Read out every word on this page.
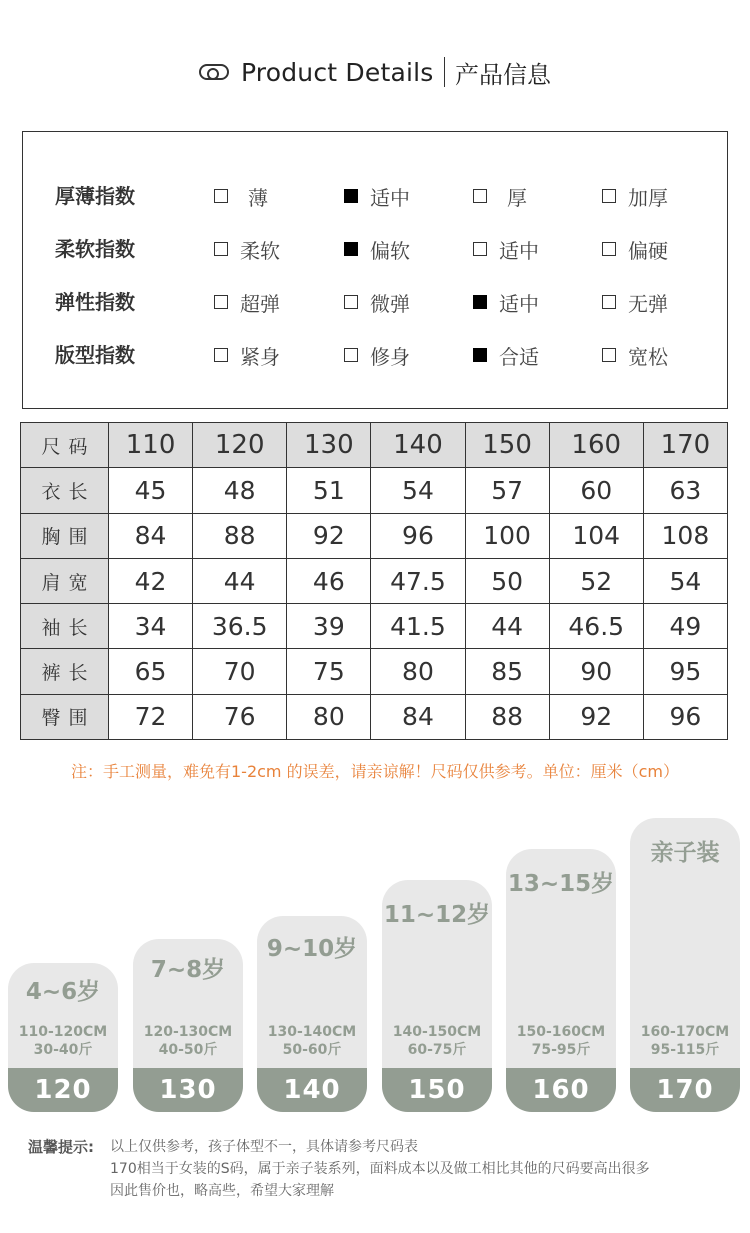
Product Details 产品信息
厚薄指数	薄	适中	厚	加厚
柔软指数	柔软	偏软	适中	偏硬
弹性指数	超弹	微弹	适中	无弹
版型指数	紧身	修身	合适	宽松
尺码	110	120	130	140	150	160	170
衣长	45	48	51	54	57	60	63
胸围	84	88	92	96	100	104	108
肩宽	42	44	46	47.5	50	52	54
袖长	34	36.5	39	41.5	44	46.5	49
裤长	65	70	75	80	85	90	95
臀围	72	76	80	84	88	92	96
注：手工测量，难免有1-2cm 的误差，请亲谅解！尺码仅供参考。单位：厘米（cm）
4~6岁
110-120CM
30-40斤
120
7~8岁
120-130CM
40-50斤
130
9~10岁
130-140CM
50-60斤
140
11~12岁
140-150CM
60-75斤
150
13~15岁
150-160CM
75-95斤
160
亲子装
160-170CM
95-115斤
170
温馨提示: 以上仅供参考，孩子体型不一，具体请参考尺码表
170相当于女装的S码，属于亲子装系列，面料成本以及做工相比其他的尺码要高出很多
因此售价也，略高些，希望大家理解
